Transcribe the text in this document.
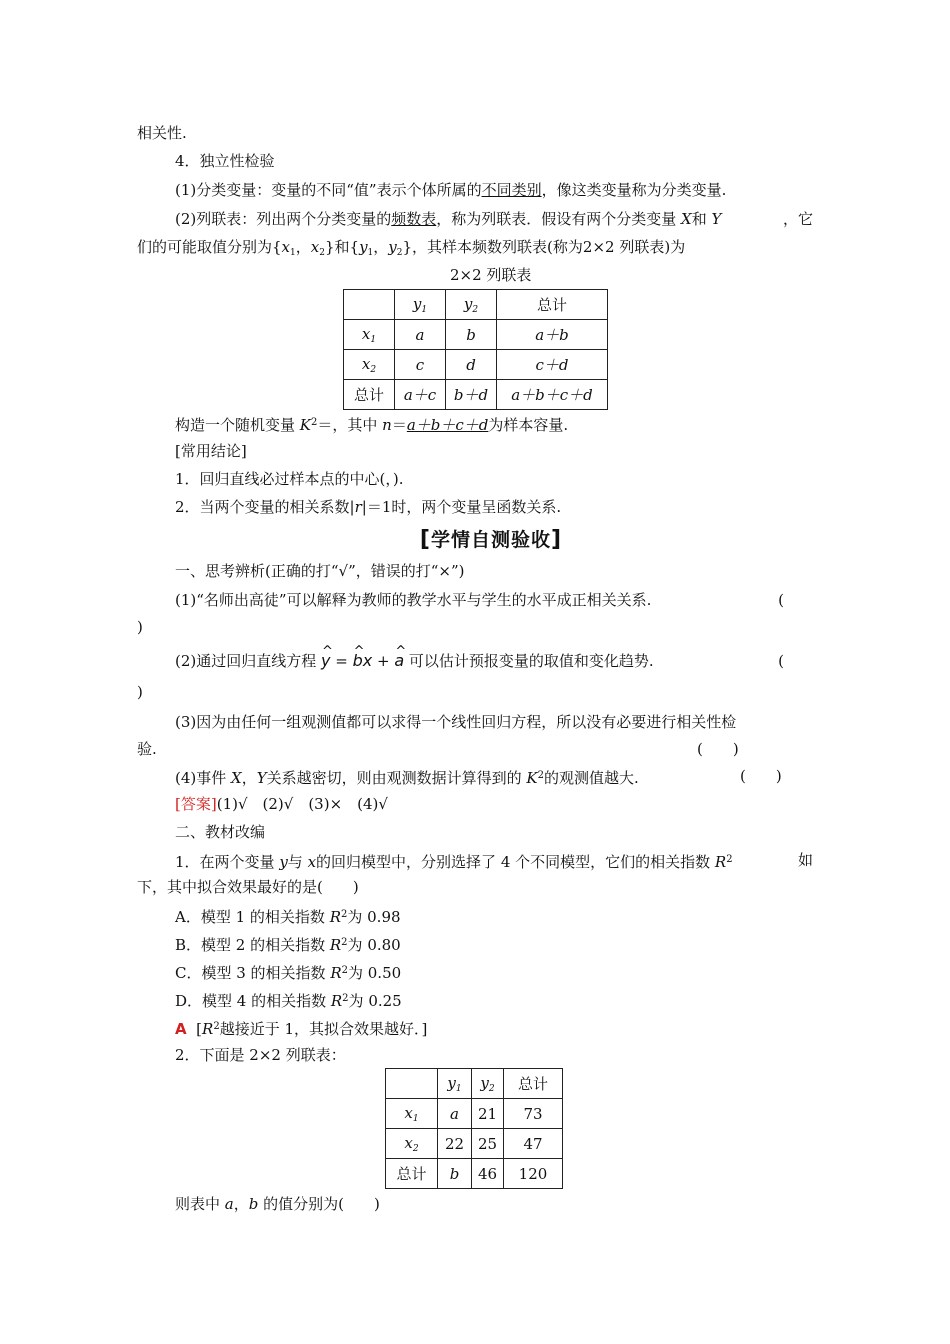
相关性.
4．独立性检验
(1)分类变量：变量的不同“值”表示个体所属的不同类别，像这类变量称为分类变量.
(2)列联表：列出两个分类变量的频数表，称为列联表．假设有两个分类变量 X和 Y	，它
们的可能取值分别为{$x_1$，$x_2$}和{$y_1$，$y_2$}，其样本频数列联表(称为2×2 列联表)为
2×2 列联表
	$y_1$	$y_2$	总计
$x_1$	a	b	a＋b
$x_2$	c	d	c＋d
总计	a＋c	b＋d	a＋b＋c＋d
构造一个随机变量 $K^2=$，其中 n＝a＋b＋c＋d为样本容量.
[常用结论]
1．回归直线必过样本点的中心(，).
2．当两个变量的相关系数|r|＝1时，两个变量呈函数关系.
[学情自测验收]
一、思考辨析(正确的打“√”，错误的打“×”)
(1)“名师出高徒”可以解释为教师的教学水平与学生的水平成正相关关系.	(
)
(2)通过回归直线方程 y ^ = b ^x + a ^ 可以估计预报变量的取值和变化趋势.	(
)
(3)因为由任何一组观测值都可以求得一个线性回归方程，所以没有必要进行相关性检
验.	(　　)
(4)事件 X，Y关系越密切，则由观测数据计算得到的 $K^2$的观测值越大.	(　　)
[答案](1)√　(2)√　(3)×　(4)√
二、教材改编
1．在两个变量 y与 x的回归模型中，分别选择了 4 个不同模型，它们的相关指数 $R^2$	如
下，其中拟合效果最好的是(　　)
A．模型 1 的相关指数 $R^2$为 0.98
B．模型 2 的相关指数 $R^2$为 0.80
C．模型 3 的相关指数 $R^2$为 0.50
D．模型 4 的相关指数 $R^2$为 0.25
A [$R^2$越接近于 1，其拟合效果越好．]
2．下面是 2×2 列联表：
	$y_1$	$y_2$	总计
$x_1$	a	21	73
$x_2$	22	25	47
总计	b	46	120
则表中 a，b 的值分别为(　　)
